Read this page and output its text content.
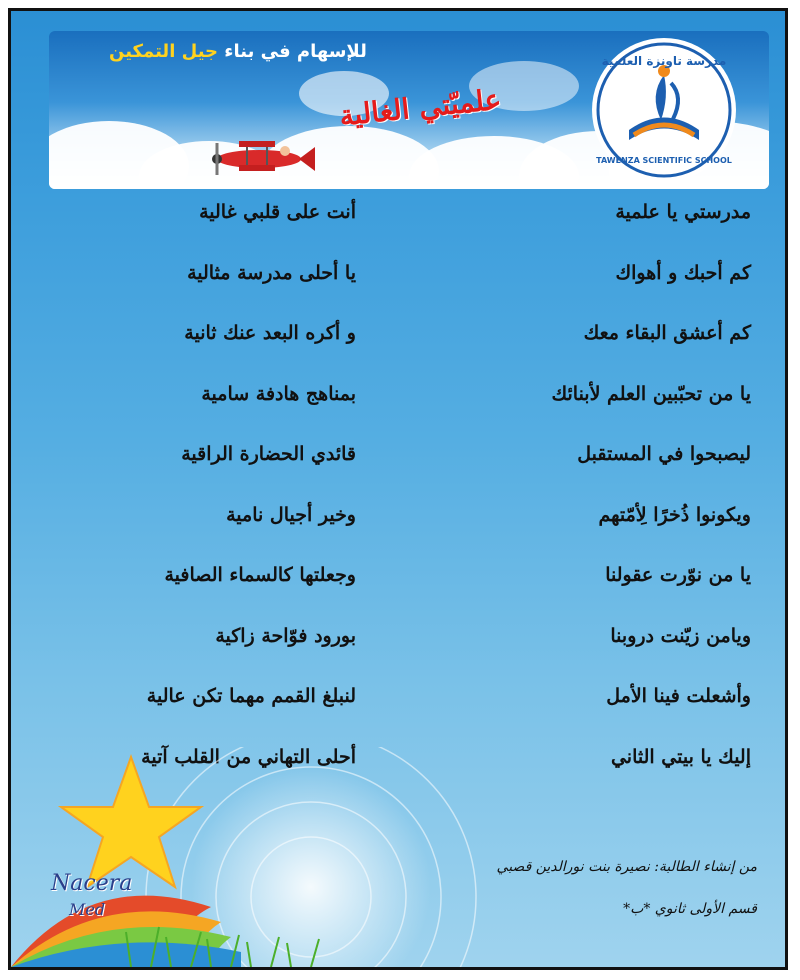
للإسهام في بناء جيل التمكين
علميّتي الغالية
مدرسة تاونزة العلمية
TAWENZA SCIENTIFIC SCHOOL
مدرستي يا علمية
أنت على قلبي غالية
كم أحبك و أهواك
يا أحلى مدرسة مثالية
كم أعشق البقاء معك
و أكره البعد عنك ثانية
يا من تحبّبين العلم لأبنائك
بمناهج هادفة سامية
ليصبحوا في المستقبل
قائدي الحضارة الراقية
ويكونوا ذُخرًا لِأمّتهم
وخير أجيال نامية
يا من نوّرت عقولنا
وجعلتها كالسماء الصافية
ويامن زيّنت دروبنا
بورود فوّاحة زاكية
وأشعلت فينا الأمل
لنبلغ القمم مهما تكن عالية
إليك يا بيتي الثاني
أحلى التهاني من القلب آتية
Nacera
Med
من إنشاء الطالبة: نصيرة بنت نورالدين قصبي
قسم الأولى ثانوي *ب*
